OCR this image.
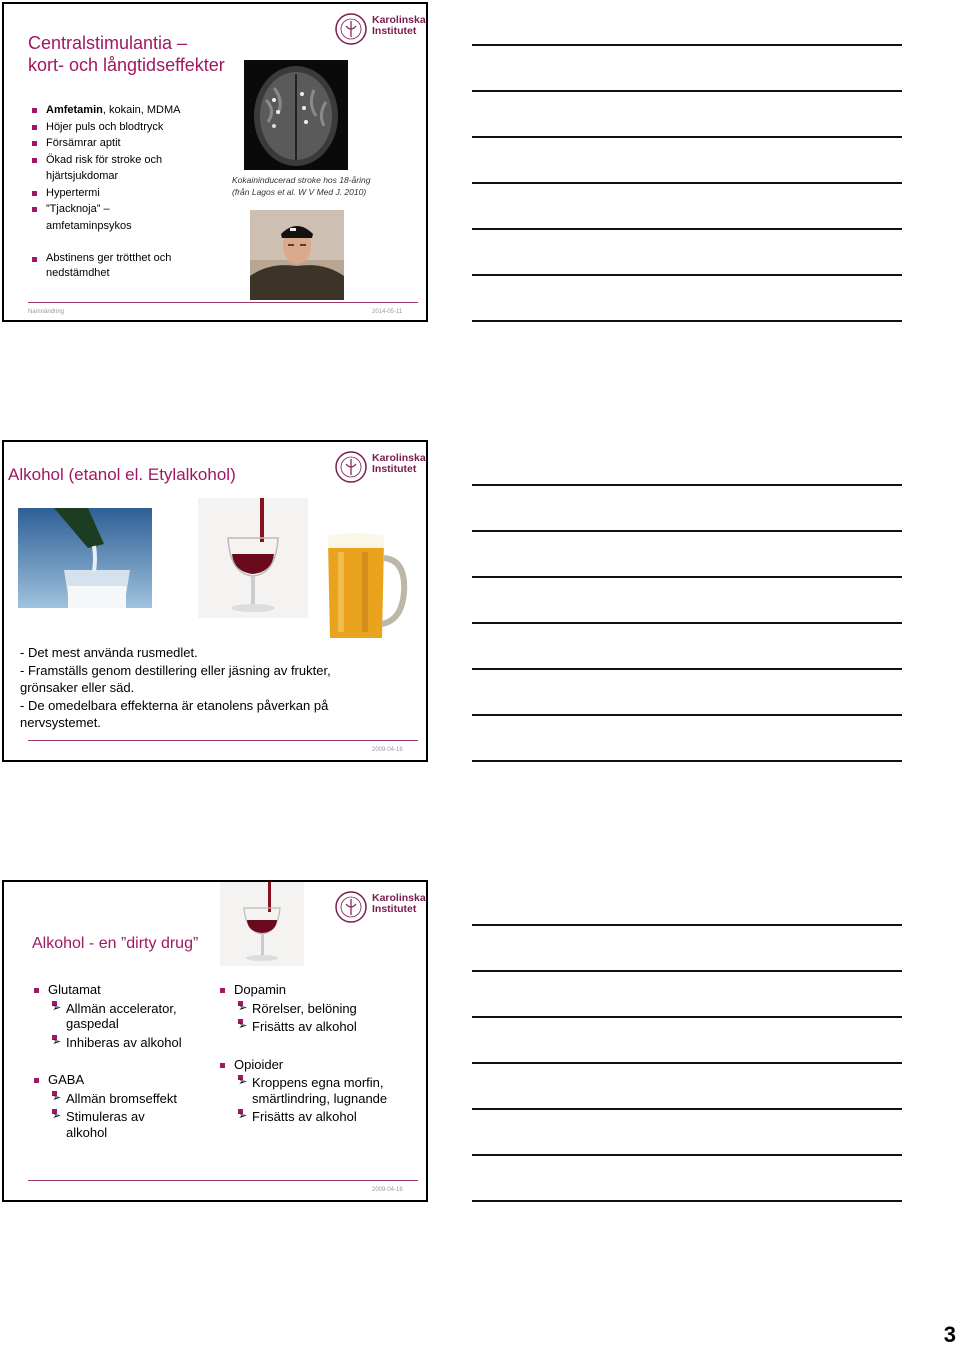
Centralstimulantia –
kort- och långtidseffekter
Karolinska
Institutet
Amfetamin, kokain, MDMA
Höjer puls och blodtryck
Försämrar aptit
Ökad risk för stroke och hjärtsjukdomar
Hypertermi
”Tjacknoja” – amfetaminpsykos
Abstinens ger trötthet och nedstämdhet
Kokaininducerad stroke hos 18-åring
(från Lagos et al. W V Med J. 2010)
Namnändring	2014-05-11
Alkohol (etanol el. Etylalkohol)
Karolinska
Institutet
- Det mest använda rusmedlet.
- Framställs genom destillering eller jäsning av frukter,
grönsaker eller säd.
- De omedelbara effekterna är etanolens påverkan på
nervsystemet.
2009-04-16
Alkohol - en ”dirty drug”
Karolinska
Institutet
Glutamat
➢ Allmän accelerator, gaspedal
➢ Inhiberas av alkohol
GABA
➢ Allmän bromseffekt
➢ Stimuleras av alkohol
Dopamin
➢ Rörelser, belöning
➢ Frisätts av alkohol
Opioider
➢ Kroppens egna morfin, smärtlindring, lugnande
➢ Frisätts av alkohol
2009-04-16
3
